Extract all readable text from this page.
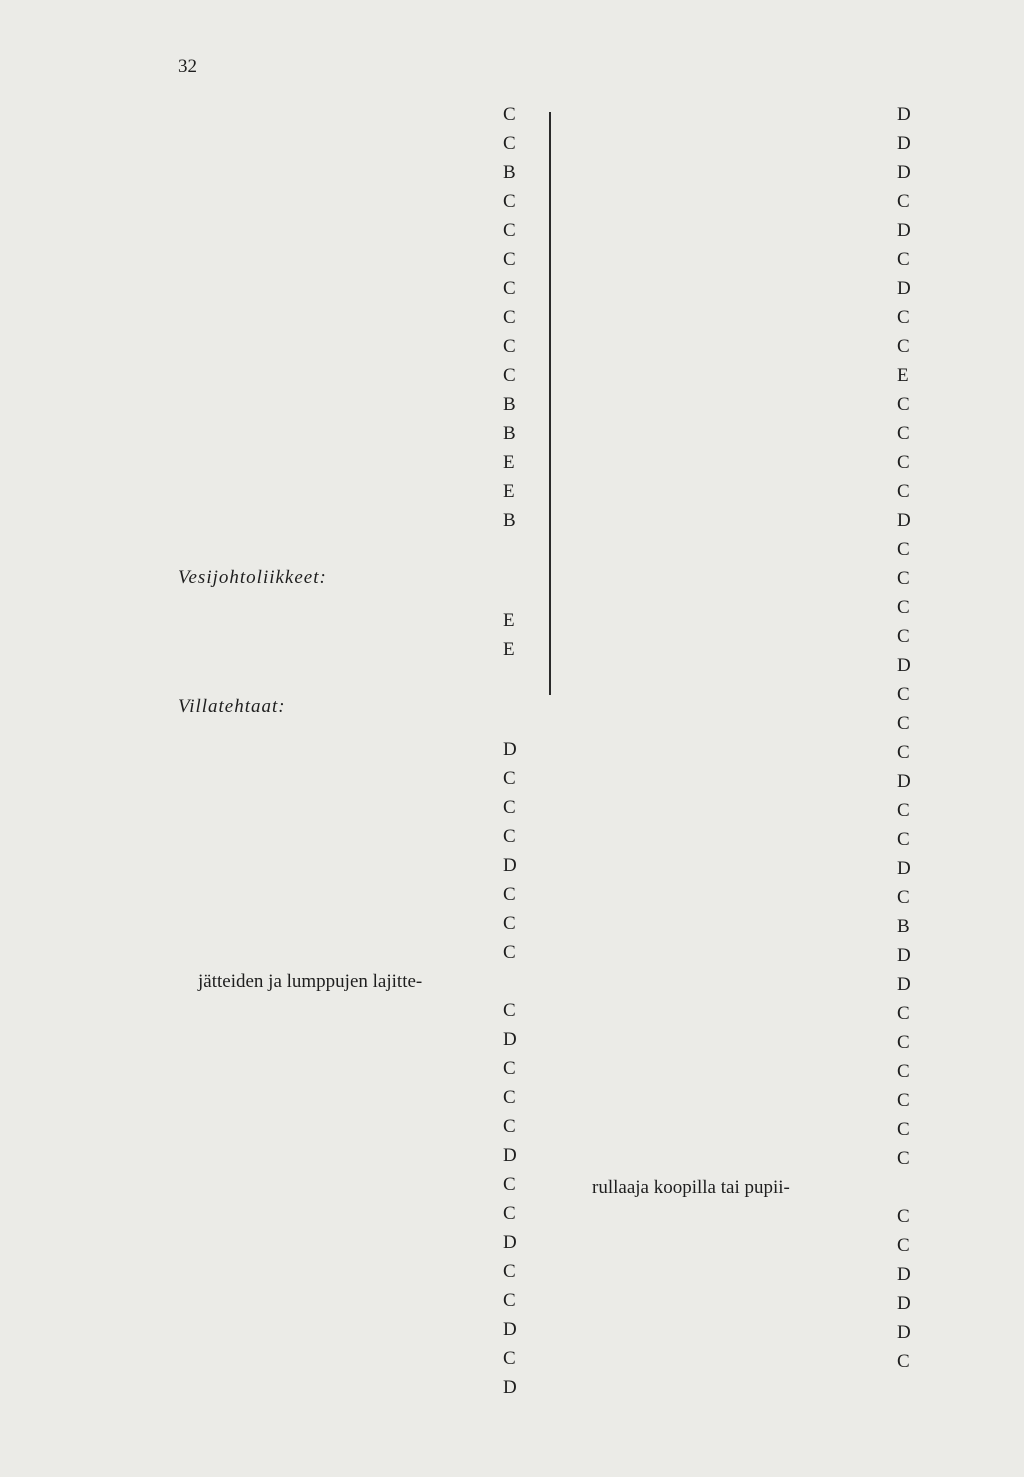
32
C
C
B
C
C
C
C
C
C
C
B
B
E
E
B
Vesijohtoliikkeet:
E
E
Villatehtaat:
D
C
C
C
D
C
C
C
jätteiden ja lumppujen lajitte-
C
D
C
C
C
D
C
C
D
C
C
D
C
D
D
D
D
C
D
C
D
C
C
E
C
C
C
C
D
C
C
C
C
D
C
C
C
D
C
C
D
C
B
D
D
C
C
C
C
C
C
rullaaja koopilla tai pupii-
C
C
D
D
D
C
